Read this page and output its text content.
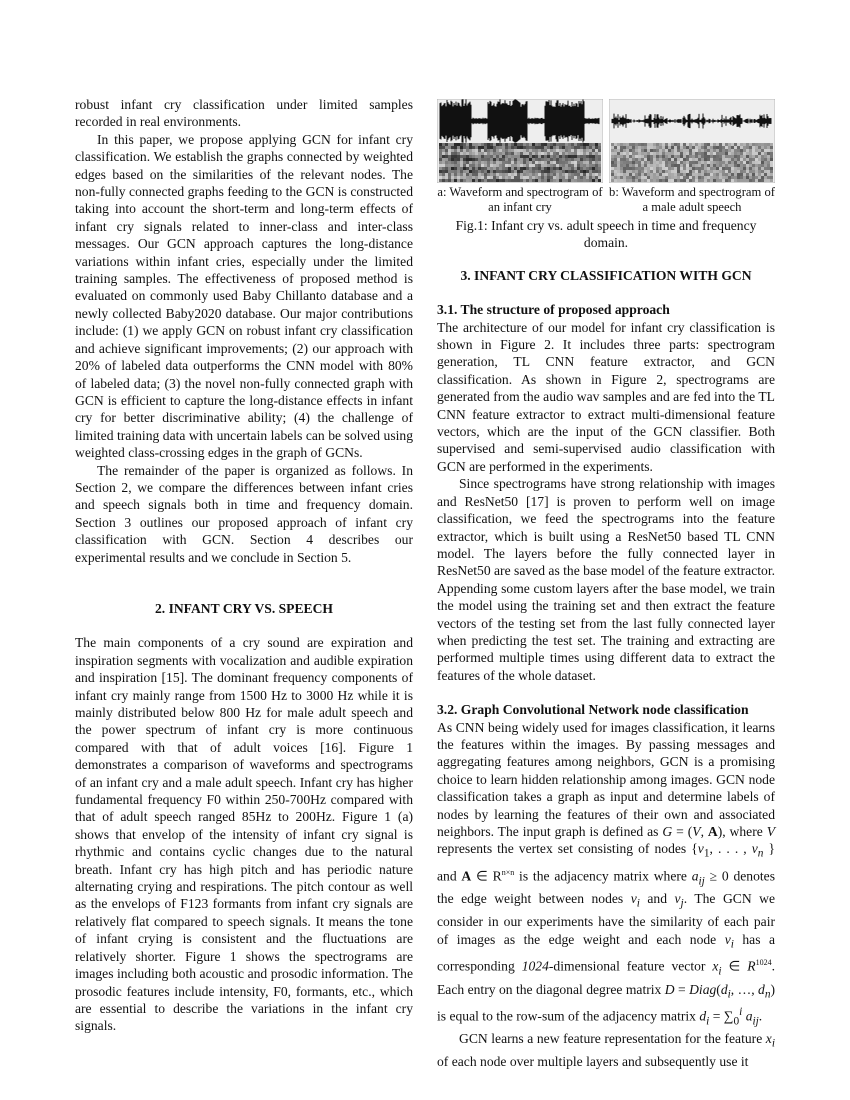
robust infant cry classification under limited samples recorded in real environments.

In this paper, we propose applying GCN for infant cry classification. We establish the graphs connected by weighted edges based on the similarities of the relevant nodes. The non-fully connected graphs feeding to the GCN is constructed taking into account the short-term and long-term effects of infant cry signals related to inner-class and inter-class messages. Our GCN approach captures the long-distance variations within infant cries, especially under the limited training samples. The effectiveness of proposed method is evaluated on commonly used Baby Chillanto database and a newly collected Baby2020 database. Our major contributions include: (1) we apply GCN on robust infant cry classification and achieve significant improvements; (2) our approach with 20% of labeled data outperforms the CNN model with 80% of labeled data; (3) the novel non-fully connected graph with GCN is efficient to capture the long-distance effects in infant cry for better discriminative ability; (4) the challenge of limited training data with uncertain labels can be solved using weighted class-crossing edges in the graph of GCNs.

The remainder of the paper is organized as follows. In Section 2, we compare the differences between infant cries and speech signals both in time and frequency domain. Section 3 outlines our proposed approach of infant cry classification with GCN. Section 4 describes our experimental results and we conclude in Section 5.

2. INFANT CRY VS. SPEECH

The main components of a cry sound are expiration and inspiration segments with vocalization and audible expiration and inspiration [15]. The dominant frequency components of infant cry mainly range from 1500 Hz to 3000 Hz while it is mainly distributed below 800 Hz for male adult speech and the power spectrum of infant cry is more continuous compared with that of adult voices [16]. Figure 1 demonstrates a comparison of waveforms and spectrograms of an infant cry and a male adult speech. Infant cry has higher fundamental frequency F0 within 250-700Hz compared with that of adult speech ranged 85Hz to 200Hz. Figure 1 (a) shows that envelop of the intensity of infant cry signal is rhythmic and contains cyclic changes due to the natural breath. Infant cry has high pitch and has periodic nature alternating crying and respirations. The pitch contour as well as the envelops of F123 formants from infant cry signals are relatively flat compared to speech signals. It means the tone of infant crying is consistent and the fluctuations are relatively shorter. Figure 1 shows the spectrograms are images including both acoustic and prosodic information. The prosodic features include intensity, F0, formants, etc., which are essential to describe the variations in the infant cry signals.

a: Waveform and spectrogram of an infant cry
b: Waveform and spectrogram of a male adult speech
Fig.1: Infant cry vs. adult speech in time and frequency domain.
3. INFANT CRY CLASSIFICATION WITH GCN
3.1. The structure of proposed approach

The architecture of our model for infant cry classification is shown in Figure 2. It includes three parts: spectrogram generation, TL CNN feature extractor, and GCN classification. As shown in Figure 2, spectrograms are generated from the audio wav samples and are fed into the TL CNN feature extractor to extract multi-dimensional feature vectors, which are the input of the GCN classifier. Both supervised and semi-supervised audio classification with GCN are performed in the experiments.

Since spectrograms have strong relationship with images and ResNet50 [17] is proven to perform well on image classification, we feed the spectrograms into the feature extractor, which is built using a ResNet50 based TL CNN model. The layers before the fully connected layer in ResNet50 are saved as the base model of the feature extractor. Appending some custom layers after the base model, we train the model using the training set and then extract the feature vectors of the testing set from the last fully connected layer when predicting the test set. The training and extracting are performed multiple times using different data to extract the features of the whole dataset.

3.2. Graph Convolutional Network node classification

As CNN being widely used for images classification, it learns the features within the images. By passing messages and aggregating features among neighbors, GCN is a promising choice to learn hidden relationship among images. GCN node classification takes a graph as input and determine labels of nodes by learning the features of their own and associated neighbors. The input graph is defined as G = (V, A), where V represents the vertex set consisting of nodes {$v_1$, . . . , $v_n$ } and A ∈ $R^{n\times n}$ is the adjacency matrix where $a_{ij} \ge 0$ denotes the edge weight between nodes $v_i$ and $v_j$. The GCN we consider in our experiments have the similarity of each pair of images as the edge weight and each node $v_i$ has a corresponding 1024-dimensional feature vector $x_i$ ∈ $R^{1024}$. Each entry on the diagonal degree matrix $D = Diag(d_i$, …, $d_n$) is equal to the row-sum of the adjacency matrix $d_i = \sum_0^i$ $a_{ij}$.

GCN learns a new feature representation for the feature $x_i$ of each node over multiple layers and subsequently use it
